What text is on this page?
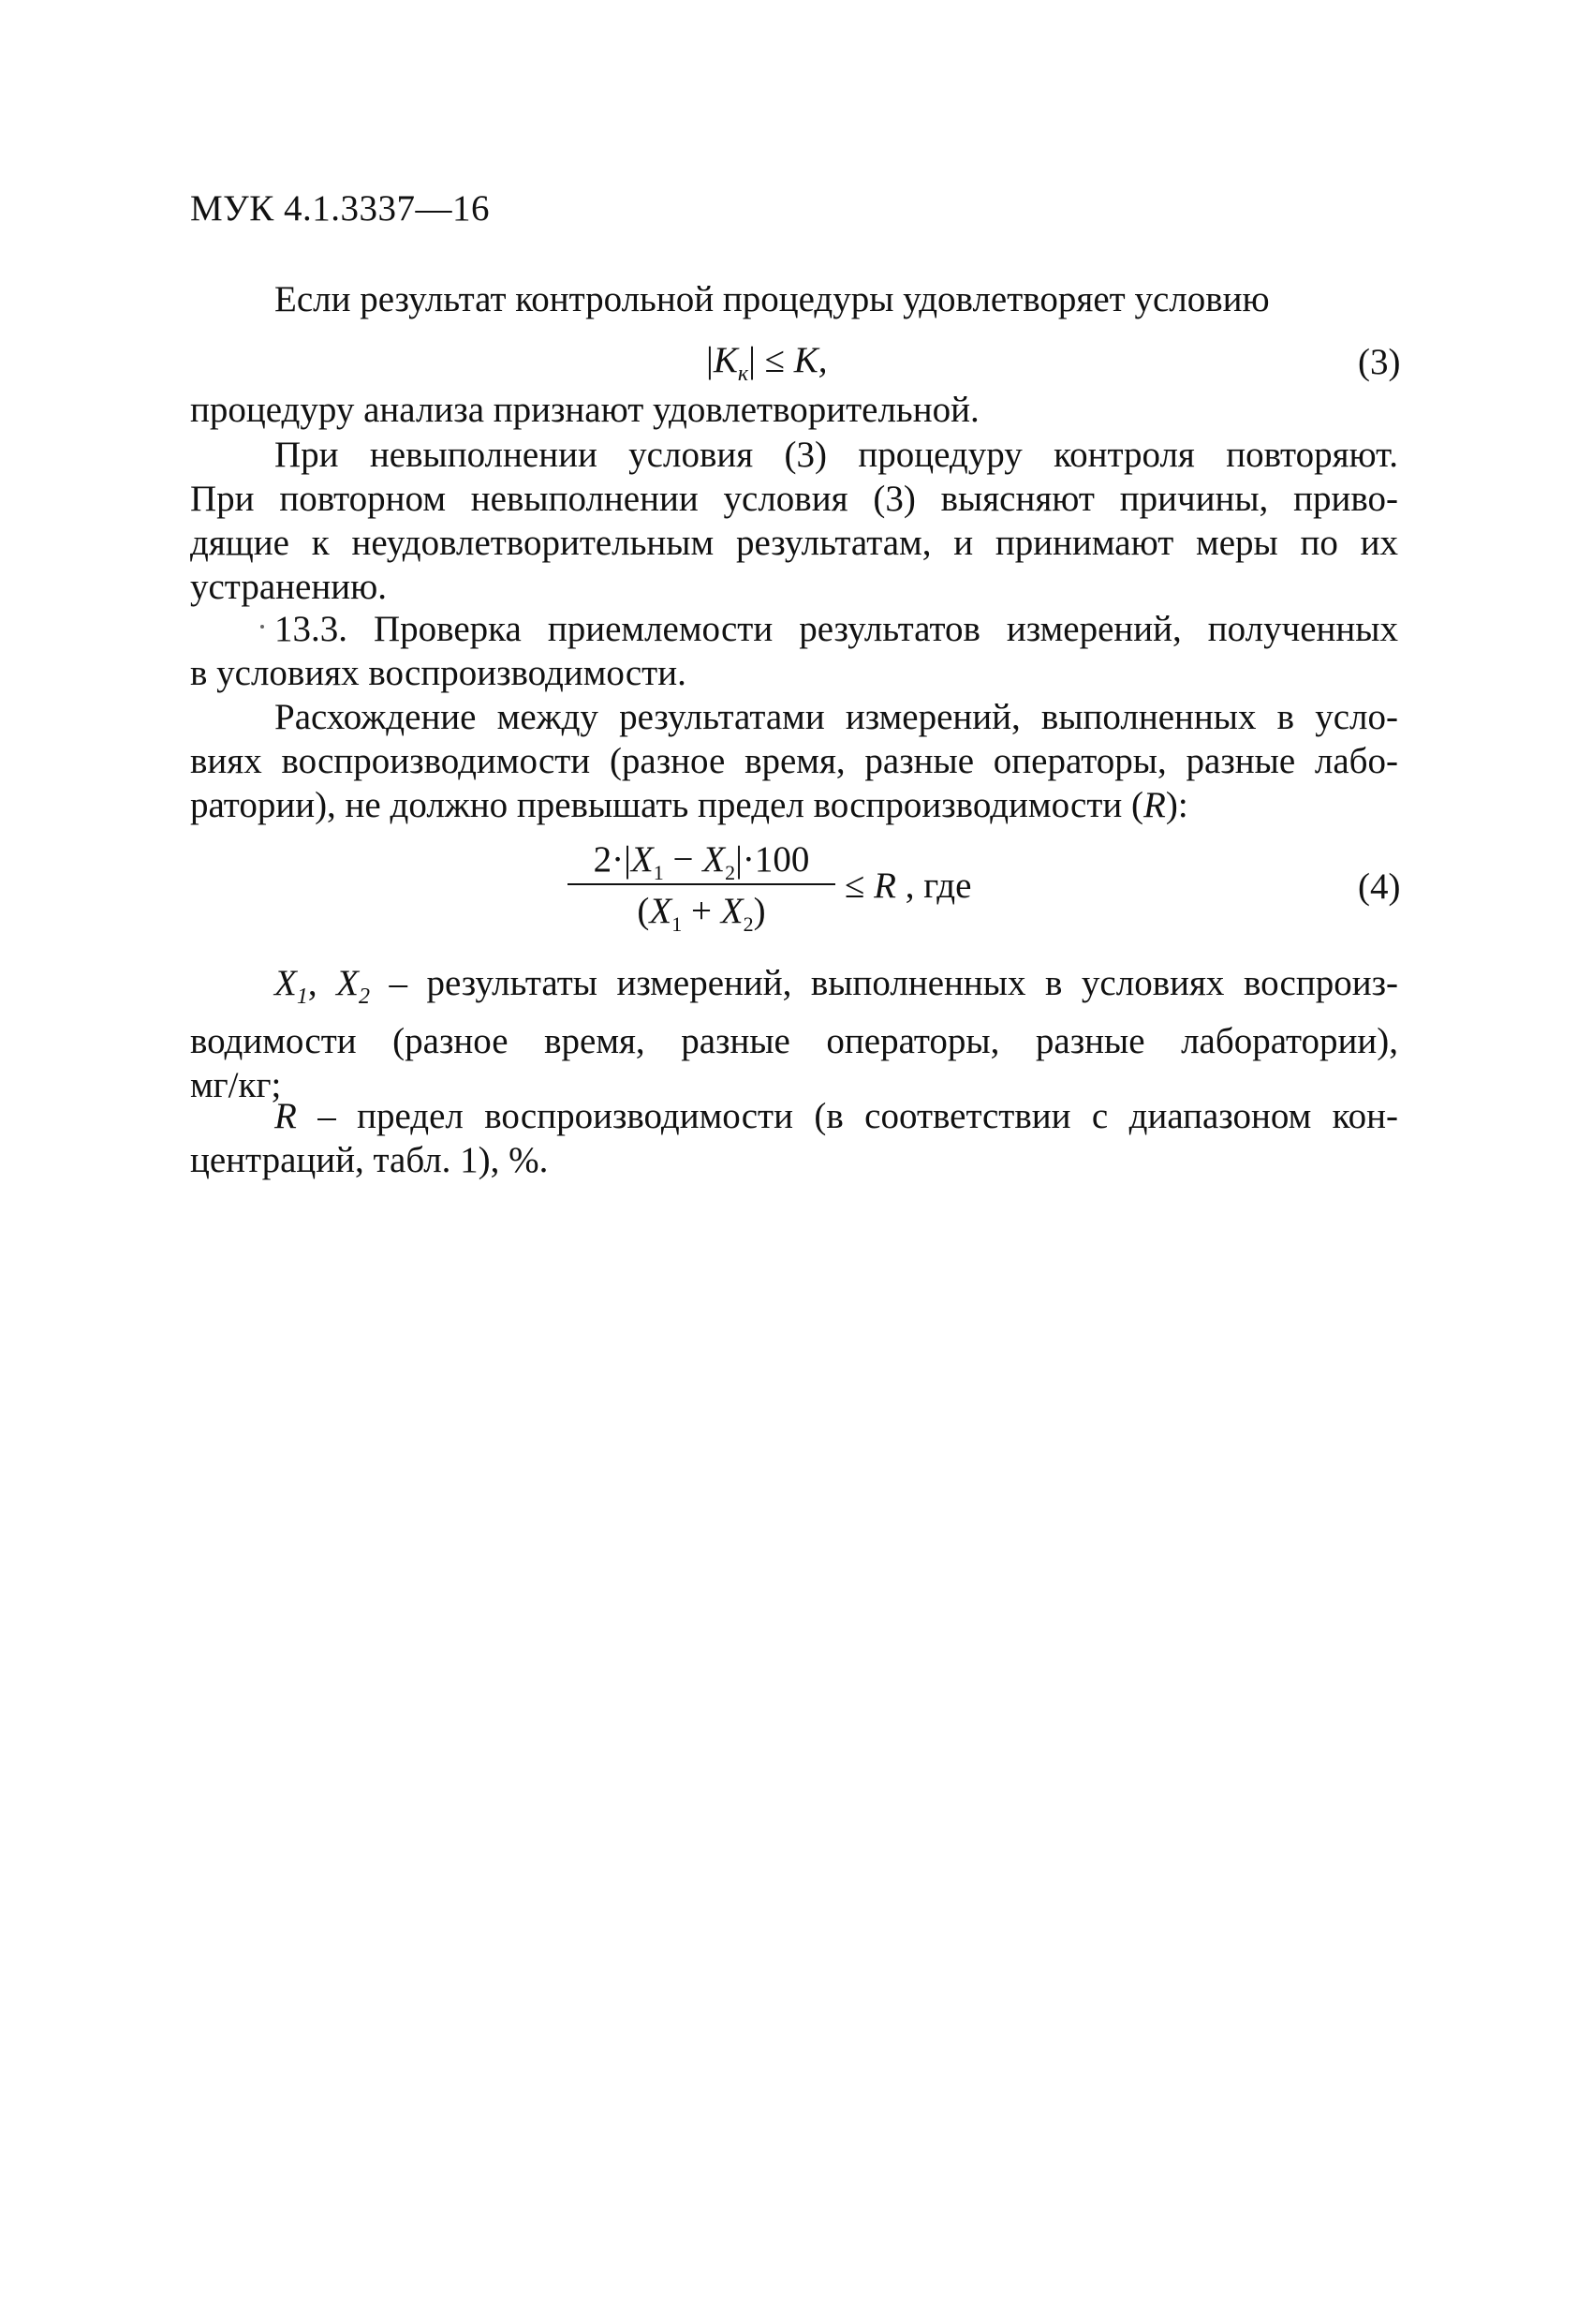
МУК 4.1.3337—16
Если результат контрольной процедуры удовлетворяет условию
$|K_к| \le K$,	(3)
процедуру анализа признают удовлетворительной.
При невыполнении условия (3) процедуру контроля повторяют.
При повторном невыполнении условия (3) выясняют причины, приво-
дящие к неудовлетворительным результатам, и принимают меры по их
устранению.
13.3. Проверка приемлемости результатов измерений, полученных
в условиях воспроизводимости.
Расхождение между результатами измерений, выполненных в усло-
виях воспроизводимости (разное время, разные операторы, разные лабо-
ратории), не должно превышать предел воспроизводимости (R):
$2\cdot|X_1 - X_2|\cdot 100$
$(X_1 + X_2)$
≤ R , где	(4)
$X_1$, $X_2$ – результаты измерений, выполненных в условиях воспроиз-
водимости (разное время, разные операторы, разные лаборатории),
мг/кг;
R – предел воспроизводимости (в соответствии с диапазоном кон-
центраций, табл. 1), %.
